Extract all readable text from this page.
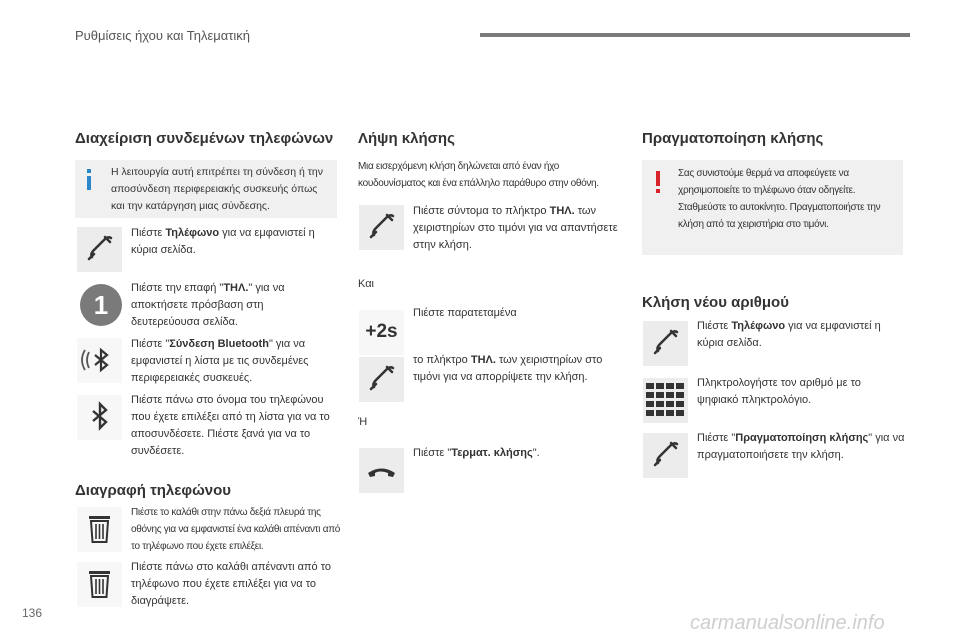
Ρυθμίσεις ήχου και Τηλεματική
1
136	carmanualsonline.info
Διαχείριση συνδεμένων τηλεφώνων
Η λειτουργία αυτή επιτρέπει τη σύνδεση ή την αποσύνδεση περιφερειακής συσκευής όπως και την κατάργηση μιας σύνδεσης.
Πιέστε Τηλέφωνο για να εμφανιστεί η κύρια σελίδα.
Πιέστε την επαφή "ΤΗΛ." για να αποκτήσετε πρόσβαση στη δευτερεύουσα σελίδα.
Πιέστε "Σύνδεση Bluetooth" για να εμφανιστεί η λίστα με τις συνδεμένες περιφερειακές συσκευές.
Πιέστε πάνω στο όνομα του τηλεφώνου που έχετε επιλέξει από τη λίστα για να το αποσυνδέσετε. Πιέστε ξανά για να το συνδέσετε.
Διαγραφή τηλεφώνου
Πιέστε το καλάθι στην πάνω δεξιά πλευρά της οθόνης για να εμφανιστεί ένα καλάθι απέναντι από το τηλέφωνο που έχετε επιλέξει.
Πιέστε πάνω στο καλάθι απέναντι από το τηλέφωνο που έχετε επιλέξει για να το διαγράψετε.
Λήψη κλήσης
Μια εισερχόμενη κλήση δηλώνεται από έναν ήχο κουδουνίσματος και ένα επάλληλο παράθυρο στην οθόνη.
Πιέστε σύντομα το πλήκτρο ΤΗΛ. των χειριστηρίων στο τιμόνι για να απαντήσετε στην κλήση.
Και
+2s
Πιέστε παρατεταμένα
το πλήκτρο ΤΗΛ. των χειριστηρίων στο τιμόνι για να απορρίψετε την κλήση.
Ή
Πιέστε "Τερματ. κλήσης".
Πραγματοποίηση κλήσης
Σας συνιστούμε θερμά να αποφεύγετε να χρησιμοποιείτε το τηλέφωνο όταν οδηγείτε. Σταθμεύστε το αυτοκίνητο. Πραγματοποιήστε την κλήση από τα χειριστήρια στο τιμόνι.
Κλήση νέου αριθμού
Πιέστε Τηλέφωνο για να εμφανιστεί η κύρια σελίδα.
Πληκτρολογήστε τον αριθμό με το ψηφιακό πληκτρολόγιο.
Πιέστε "Πραγματοποίηση κλήσης" για να πραγματοποιήσετε την κλήση.
